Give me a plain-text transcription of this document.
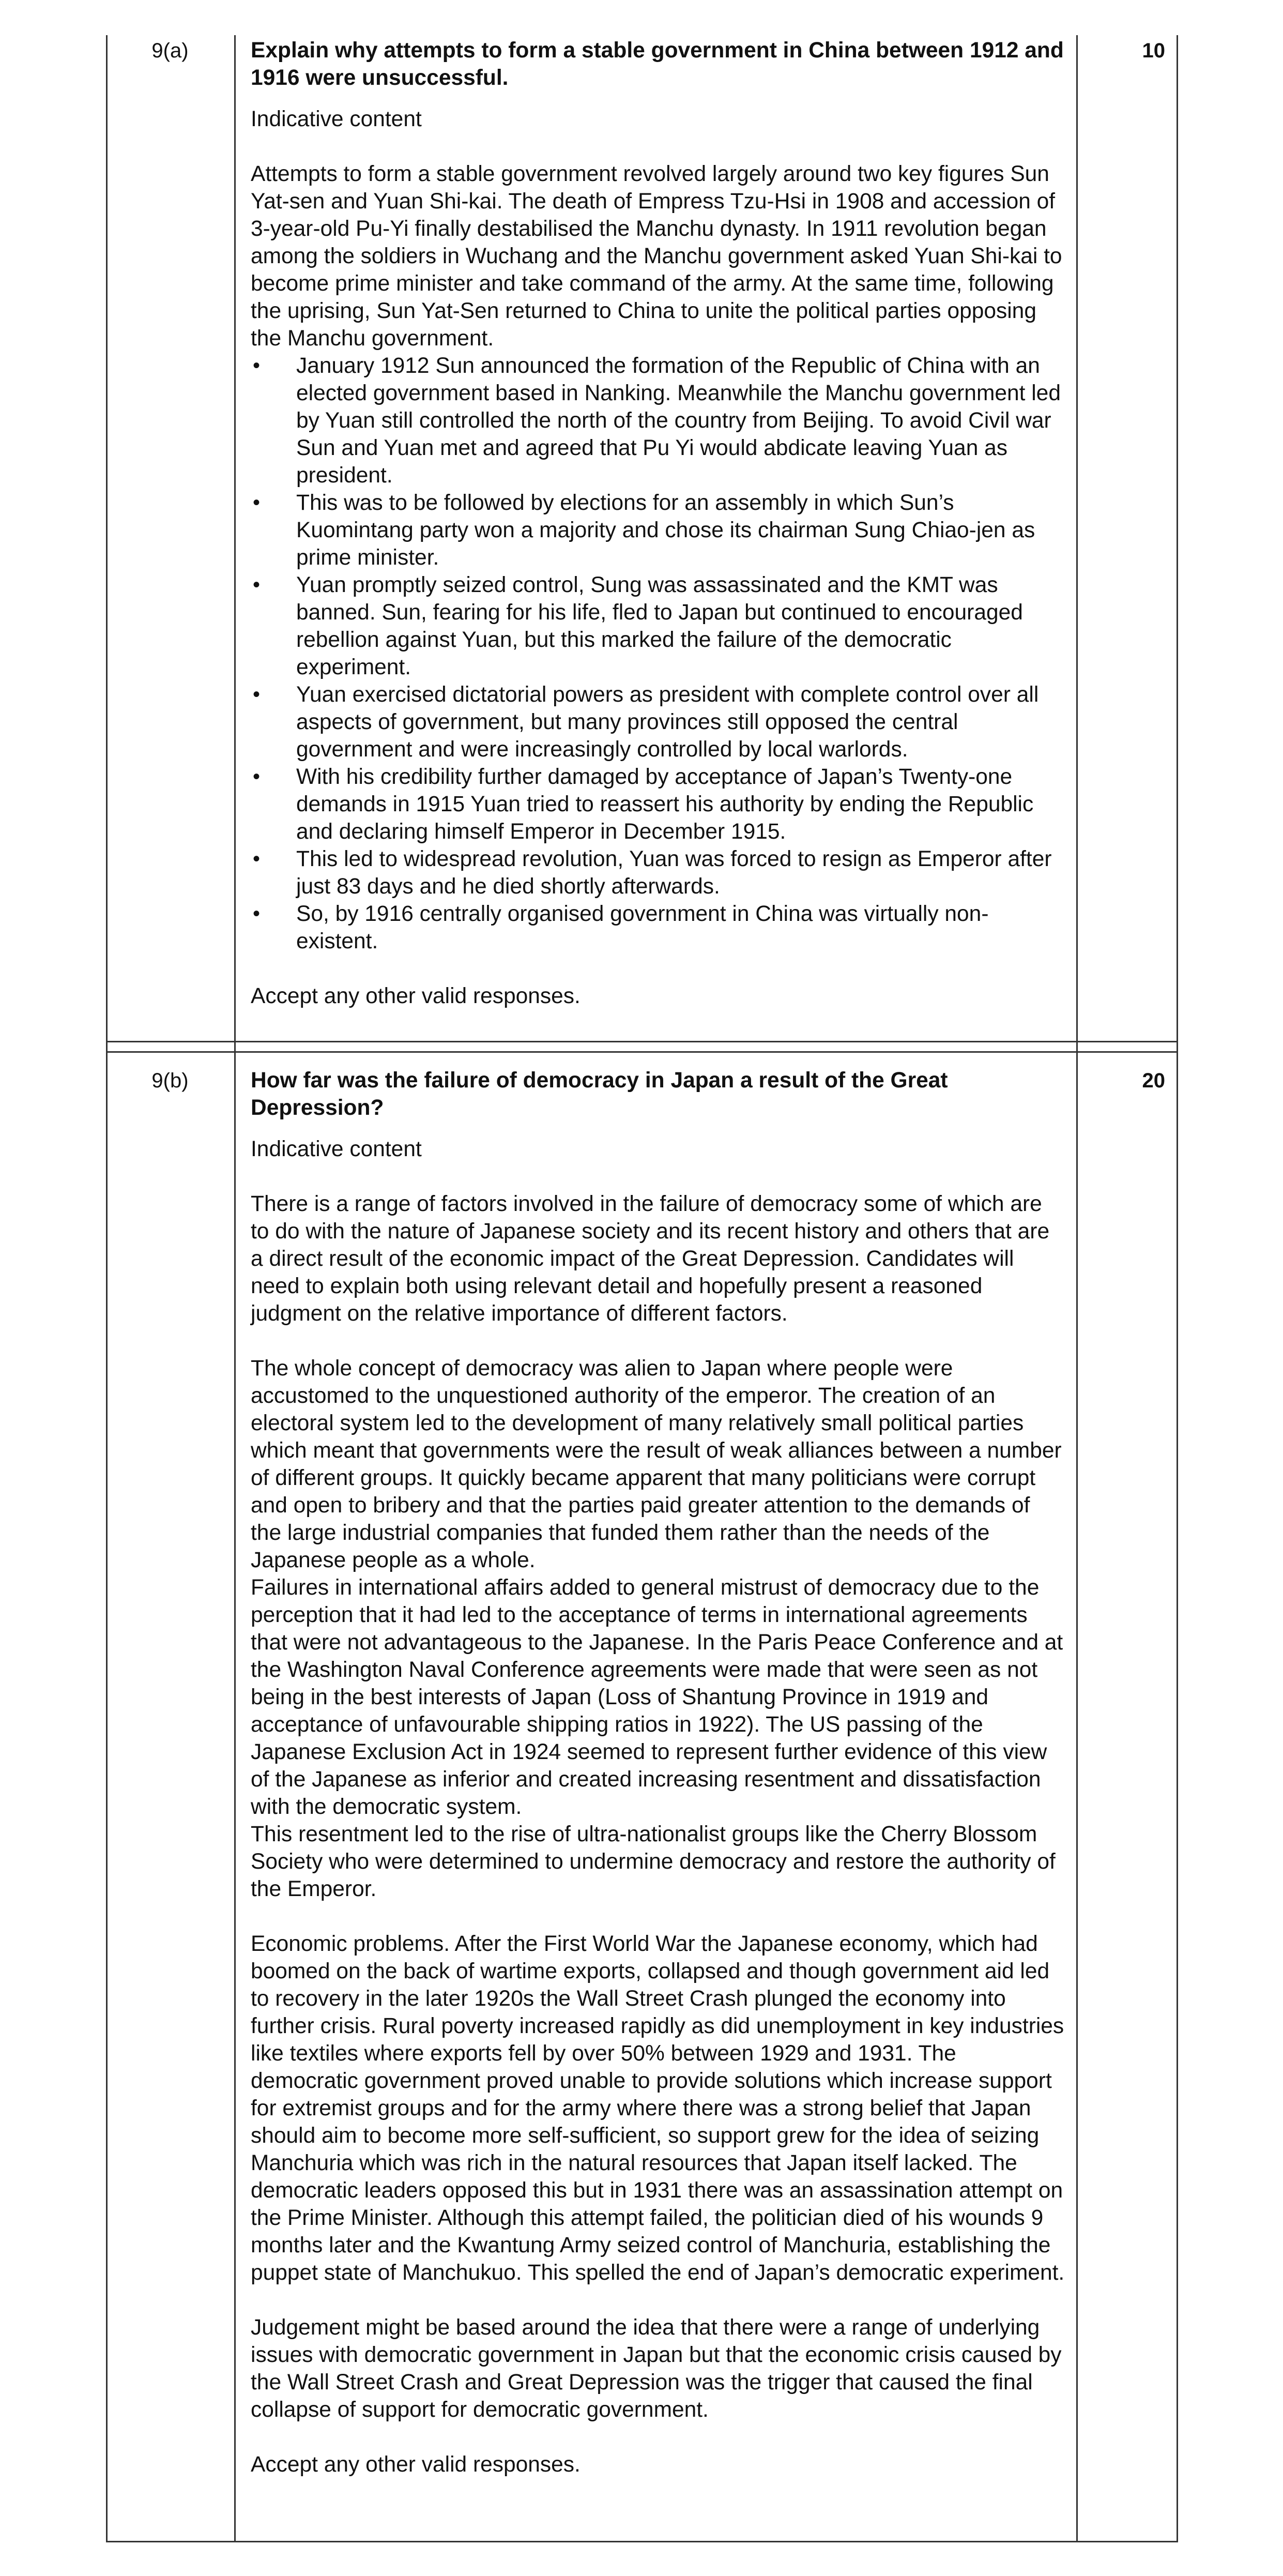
9(a)	10

Explain why attempts to form a stable government in China between 1912 and 1916 were unsuccessful.

Indicative content

Attempts to form a stable government revolved largely around two key figures Sun Yat-sen and Yuan Shi-kai. The death of Empress Tzu-Hsi in 1908 and accession of 3-year-old Pu-Yi finally destabilised the Manchu dynasty. In 1911 revolution began among the soldiers in Wuchang and the Manchu government asked Yuan Shi-kai to become prime minister and take command of the army. At the same time, following the uprising, Sun Yat-Sen returned to China to unite the political parties opposing the Manchu government.

• January 1912 Sun announced the formation of the Republic of China with an elected government based in Nanking. Meanwhile the Manchu government led by Yuan still controlled the north of the country from Beijing. To avoid Civil war Sun and Yuan met and agreed that Pu Yi would abdicate leaving Yuan as president.
• This was to be followed by elections for an assembly in which Sun’s Kuomintang party won a majority and chose its chairman Sung Chiao-jen as prime minister.
• Yuan promptly seized control, Sung was assassinated and the KMT was banned. Sun, fearing for his life, fled to Japan but continued to encouraged rebellion against Yuan, but this marked the failure of the democratic experiment.
• Yuan exercised dictatorial powers as president with complete control over all aspects of government, but many provinces still opposed the central government and were increasingly controlled by local warlords.
• With his credibility further damaged by acceptance of Japan’s Twenty-one demands in 1915 Yuan tried to reassert his authority by ending the Republic and declaring himself Emperor in December 1915.
• This led to widespread revolution, Yuan was forced to resign as Emperor after just 83 days and he died shortly afterwards.
• So, by 1916 centrally organised government in China was virtually non-existent.

Accept any other valid responses.

9(b)	20

How far was the failure of democracy in Japan a result of the Great Depression?

Indicative content

There is a range of factors involved in the failure of democracy some of which are to do with the nature of Japanese society and its recent history and others that are a direct result of the economic impact of the Great Depression. Candidates will need to explain both using relevant detail and hopefully present a reasoned judgment on the relative importance of different factors.

The whole concept of democracy was alien to Japan where people were accustomed to the unquestioned authority of the emperor. The creation of an electoral system led to the development of many relatively small political parties which meant that governments were the result of weak alliances between a number of different groups. It quickly became apparent that many politicians were corrupt and open to bribery and that the parties paid greater attention to the demands of the large industrial companies that funded them rather than the needs of the Japanese people as a whole.

Failures in international affairs added to general mistrust of democracy due to the perception that it had led to the acceptance of terms in international agreements that were not advantageous to the Japanese. In the Paris Peace Conference and at the Washington Naval Conference agreements were made that were seen as not being in the best interests of Japan (Loss of Shantung Province in 1919 and acceptance of unfavourable shipping ratios in 1922). The US passing of the Japanese Exclusion Act in 1924 seemed to represent further evidence of this view of the Japanese as inferior and created increasing resentment and dissatisfaction with the democratic system.

This resentment led to the rise of ultra-nationalist groups like the Cherry Blossom Society who were determined to undermine democracy and restore the authority of the Emperor.

Economic problems. After the First World War the Japanese economy, which had boomed on the back of wartime exports, collapsed and though government aid led to recovery in the later 1920s the Wall Street Crash plunged the economy into further crisis. Rural poverty increased rapidly as did unemployment in key industries like textiles where exports fell by over 50% between 1929 and 1931. The democratic government proved unable to provide solutions which increase support for extremist groups and for the army where there was a strong belief that Japan should aim to become more self-sufficient, so support grew for the idea of seizing Manchuria which was rich in the natural resources that Japan itself lacked. The democratic leaders opposed this but in 1931 there was an assassination attempt on the Prime Minister. Although this attempt failed, the politician died of his wounds 9 months later and the Kwantung Army seized control of Manchuria, establishing the puppet state of Manchukuo. This spelled the end of Japan’s democratic experiment.

Judgement might be based around the idea that there were a range of underlying issues with democratic government in Japan but that the economic crisis caused by the Wall Street Crash and Great Depression was the trigger that caused the final collapse of support for democratic government.

Accept any other valid responses.
